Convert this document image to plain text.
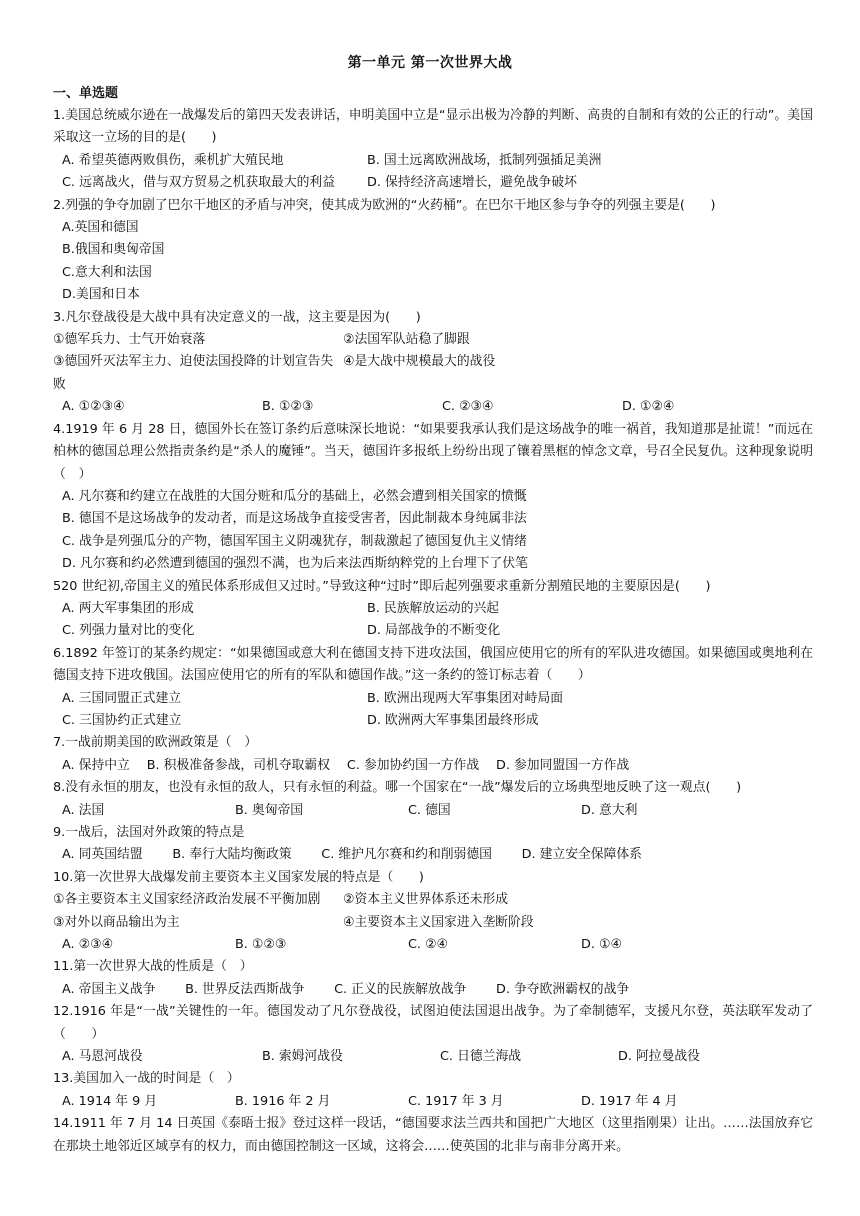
第一单元 第一次世界大战
一、单选题
1.美国总统威尔逊在一战爆发后的第四天发表讲话，申明美国中立是“显示出极为冷静的判断、高贵的自制和有效的公正的行动”。美国采取这一立场的目的是(　　)
A. 希望英德两败俱伤，乘机扩大殖民地	B. 国土远离欧洲战场，抵制列强插足美洲
C. 远离战火，借与双方贸易之机获取最大的利益	D. 保持经济高速增长，避免战争破坏
2.列强的争夺加剧了巴尔干地区的矛盾与冲突，使其成为欧洲的“火药桶”。在巴尔干地区参与争夺的列强主要是(　　)
A.英国和德国
B.俄国和奥匈帝国
C.意大利和法国
D.美国和日本
3.凡尔登战役是大战中具有决定意义的一战，这主要是因为(　　)
①德军兵力、士气开始衰落	②法国军队站稳了脚跟
③德国歼灭法军主力、迫使法国投降的计划宣告失败
④是大战中规模最大的战役
A. ①②③④	B. ①②③	C. ②③④	D. ①②④
4.1919 年 6 月 28 日，德国外长在签订条约后意味深长地说：“如果要我承认我们是这场战争的唯一祸首，我知道那是扯谎！”而远在柏林的德国总理公然指责条约是“杀人的魔锤”。当天，德国许多报纸上纷纷出现了镶着黑框的悼念文章，号召全民复仇。这种现象说明（　）
A. 凡尔赛和约建立在战胜的大国分赃和瓜分的基础上，必然会遭到相关国家的愤慨
B. 德国不是这场战争的发动者，而是这场战争直接受害者，因此制裁本身纯属非法
C. 战争是列强瓜分的产物，德国军国主义阴魂犹存，制裁激起了德国复仇主义情绪
D. 凡尔赛和约必然遭到德国的强烈不满，也为后来法西斯纳粹党的上台埋下了伏笔
520 世纪初,帝国主义的殖民体系形成但又过时。”导致这种“过时”即后起列强要求重新分割殖民地的主要原因是(　　)
A. 两大军事集团的形成	B. 民族解放运动的兴起
C. 列强力量对比的变化	D. 局部战争的不断变化
6.1892 年签订的某条约规定：“如果德国或意大利在德国支持下进攻法国，俄国应使用它的所有的军队进攻德国。如果德国或奥地利在德国支持下进攻俄国。法国应使用它的所有的军队和德国作战。”这一条约的签订标志着（　　）
A. 三国同盟正式建立	B. 欧洲出现两大军事集团对峙局面
C. 三国协约正式建立	D. 欧洲两大军事集团最终形成
7.一战前期美国的欧洲政策是（　）
A. 保持中立　 B. 积极准备参战，司机夺取霸权　 C. 参加协约国一方作战　 D. 参加同盟国一方作战
8.没有永恒的朋友，也没有永恒的敌人，只有永恒的利益。哪一个国家在“一战”爆发后的立场典型地反映了这一观点(　　)
A. 法国	B. 奥匈帝国	C. 德国	D. 意大利
9.一战后，法国对外政策的特点是
A. 同英国结盟　　 B. 奉行大陆均衡政策　　 C. 维护凡尔赛和约和削弱德国　　 D. 建立安全保障体系
10.第一次世界大战爆发前主要资本主义国家发展的特点是（　　)
①各主要资本主义国家经济政治发展不平衡加剧	②资本主义世界体系还未形成
③对外以商品输出为主	④主要资本主义国家进入垄断阶段
A. ②③④	B. ①②③	C. ②④	D. ①④
11.第一次世界大战的性质是（　）
A. 帝国主义战争　　 B. 世界反法西斯战争　　 C. 正义的民族解放战争　　 D. 争夺欧洲霸权的战争
12.1916 年是“一战”关键性的一年。德国发动了凡尔登战役，试图迫使法国退出战争。为了牵制德军，支援凡尔登，英法联军发动了（　　）
A. 马恩河战役	B. 索姆河战役	C. 日德兰海战	D. 阿拉曼战役
13.美国加入一战的时间是（　）
A. 1914 年 9 月	B. 1916 年 2 月	C. 1917 年 3 月	D. 1917 年 4 月
14.1911 年 7 月 14 日英国《泰晤士报》登过这样一段话，“德国要求法兰西共和国把广大地区（这里指刚果）让出。……法国放弃它在那块土地邻近区域享有的权力，而由德国控制这一区域，这将会……使英国的北非与南非分离开来。
